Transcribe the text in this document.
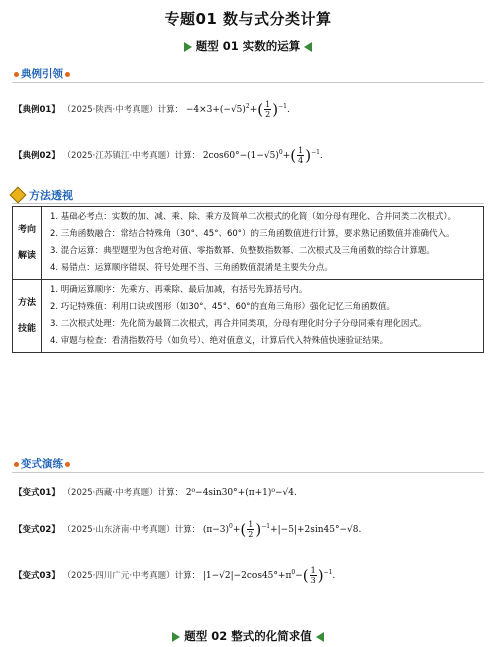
专题01 数与式分类计算
题型 01 实数的运算
典例引领
【典例01】 （2025·陕西·中考真题）计算： $-4\times 3+(-√5)^2+( \frac{1}{2} )^{-1}$.
【典例02】 （2025·江苏镇江·中考真题）计算： $2\cos 60^\circ-(1-√5)^0+( \frac{1}{4} )^{-1}$.
方法透视
考向解读	1. 基础必考点：实数的加、减、乘、除、乘方及简单二次根式的化简（如分母有理化、合并同类二次根式）。

2. 三角函数融合：常结合特殊角（30°、45°、60°）的三角函数值进行计算，要求熟记函数值并准确代入。

3. 混合运算：典型题型为包含绝对值、零指数幂、负整数指数幂、二次根式及三角函数的综合计算题。

4. 易错点：运算顺序错误、符号处理不当、三角函数值混淆是主要失分点。

方法技能	1. 明确运算顺序：先乘方、再乘除、最后加减，有括号先算括号内。

2. 巧记特殊值：利用口诀或图形（如30°、45°、60°的直角三角形）强化记忆三角函数值。

3. 二次根式处理：先化简为最简二次根式，再合并同类项，分母有理化时分子分母同乘有理化因式。

4. 审题与检查：看清指数符号（如负号）、绝对值意义，计算后代入特殊值快速验证结果。

变式演练
【变式01】 （2025·西藏·中考真题）计算： 2⁰−4sin30°+(π+1)⁰−√4.
【变式02】 （2025·山东济南·中考真题）计算： $(\pi-3)^0+( \frac{1}{2} )^{-1}+|-5|+2\sin 45^\circ-√8$.
【变式03】 （2025·四川广元·中考真题）计算： $|1-√2|-2\cos 45^\circ+\pi^0-( \frac{1}{3} )^{-1}$.
题型 02 整式的化简求值
